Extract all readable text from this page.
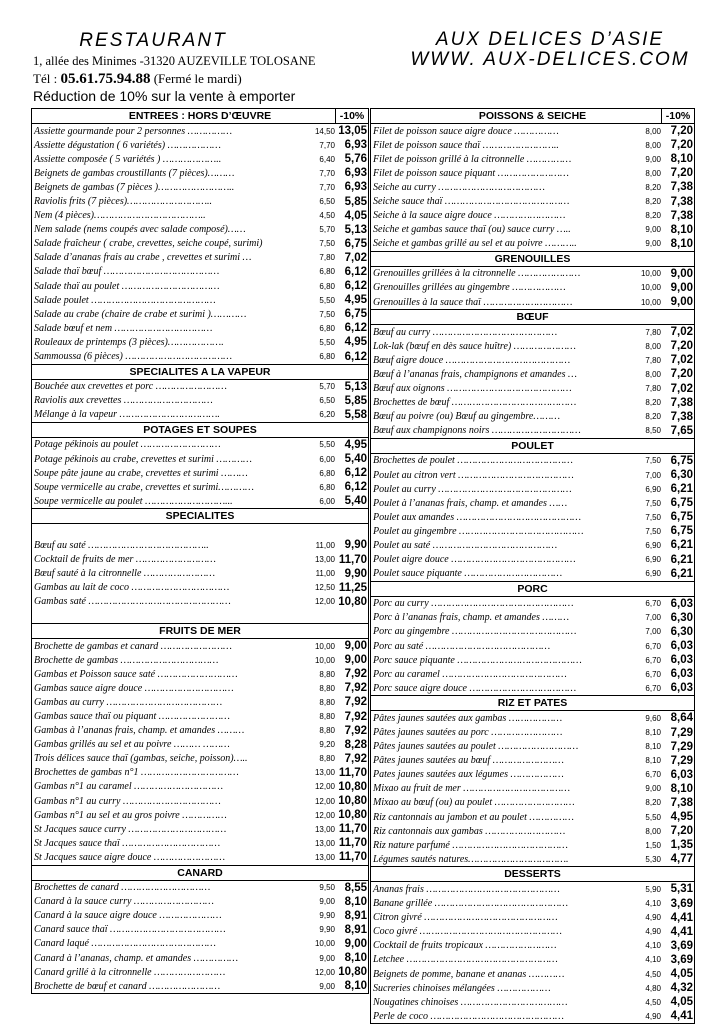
RESTAURANT
1, allée des Minimes -31320 AUZEVILLE TOLOSANE
Tél : 05.61.75.94.88 (Fermé le mardi)
Réduction de 10% sur la vente à emporter
AUX DELICES D’ASIE
WWW. AUX-DELICES.COM
ENTREES : HORS D’ŒUVRE	-10%
Assiette gourmande pour 2 personnes ……………	14,50 13,05
Assiette dégustation ( 6 variétés) ………………	7,70 6,93
Assiette composée ( 5 variétés ) ………………..	6,40 5,76
Beignets de gambas croustillants (7 pièces)………	7,70 6,93
Beignets de gambas (7 pièces )……………………..	7,70 6,93
Raviolis frits (7 pièces)………………………..	6,50 5,85
Nem (4 pièces)………………………………..	4,50 4,05
Nem salade (nems coupés avec salade composé)……	5,70 5,13
Salade fraîcheur ( crabe, crevettes, seiche coupé, surimi)	7,50 6,75
Salade d’ananas frais au crabe , crevettes et surimi …	7,80 7,02
Salade thaï bœuf …………………………………	6,80 6,12
Salade thaï au poulet ……………………………	6,80 6,12
Salade poulet ……………………………………	5,50 4,95
Salade au crabe (chaire de crabe et surimi )…………	7,50 6,75
Salade bœuf et nem ……………………………	6,80 6,12
Rouleaux de printemps (3 pièces)……………….	5,50 4,95
Sammoussa (6 pièces) ………………………………	6,80 6,12
SPECIALITES A LA VAPEUR
Bouchée aux crevettes et porc ……………………	5,70 5,13
Raviolis aux crevettes …………………………	6,50 5,85
Mélange à la vapeur …………………………….	6,20 5,58
POTAGES ET SOUPES
Potage pékinois au poulet ………………………	5,50 4,95
Potage pékinois au crabe, crevettes et surimi …………	6,00 5,40
Soupe pâte jaune au crabe, crevettes et surimi ………	6,80 6,12
Soupe vermicelle au crabe, crevettes et surimi…………	6,80 6,12
Soupe vermicelle au poulet ………………………...	6,00 5,40
SPECIALITES
Bœuf au saté …………………………………..	11,00 9,90
Cocktail de fruits de mer ………………………	13,00 11,70
Bœuf sauté à la citronnelle ……………………	11,00 9,90
Gambas au lait de coco ……………………………	12,50 11,25
Gambas saté …………………………………………	12,00 10,80
FRUITS DE MER
Brochette de gambas et canard ……………………	10,00 9,00
Brochette de gambas ……………………………	10,00 9,00
Gambas et Poisson sauce saté ………………………	8,80 7,92
Gambas sauce aigre douce …………………………	8,80 7,92
Gambas au curry …………………………………	8,80 7,92
Gambas sauce thaï ou piquant ……………………	8,80 7,92
Gambas à l’ananas frais, champ. et amandes ………	8,80 7,92
Gambas grillés au sel et au poivre ……… ………	9,20 8,28
Trois délices sauce thaï (gambas, seiche, poisson)…..	8,80 7,92
Brochettes de gambas n°1 ……………………………	13,00 11,70
Gambas n°1 au caramel …………………………	12,00 10,80
Gambas n°1 au curry ……………………………	12,00 10,80
Gambas n°1 au sel et au gros poivre ……………	12,00 10,80
St Jacques sauce curry ……………………………	13,00 11,70
St Jacques sauce thaï ……………………………	13,00 11,70
St Jacques sauce aigre douce ……………………	13,00 11,70
CANARD
Brochettes de canard …………………………	9,50 8,55
Canard à la sauce curry ………………………	9,00 8,10
Canard à la sauce aigre douce …………………	9,90 8,91
Canard sauce thaï …………………………………	9,90 8,91
Canard laqué ……………………………………	10,00 9,00
Canard à l’ananas, champ. et amandes ……………	9,00 8,10
Canard grillé à la citronnelle ……………………	12,00 10,80
Brochette de bœuf et canard ……………………	9,00 8,10
POISSONS & SEICHE	-10%
Filet de poisson sauce aigre douce ……………	8,00 7,20
Filet de poisson sauce thaï ……………………..	8,00 7,20
Filet de poisson grillé à la citronnelle ……………	9,00 8,10
Filet de poisson sauce piquant ……………………	8,00 7,20
Seiche au curry ………………………………	8,20 7,38
Seiche sauce thaï ……………………………………	8,20 7,38
Seiche à la sauce aigre douce ……………………	8,20 7,38
Seiche et gambas sauce thaï (ou) sauce curry …..	9,00 8,10
Seiche et gambas grillé au sel et au poivre ………..	9,00 8,10
GRENOUILLES
Grenouilles grillées à la citronnelle …………………	10,00 9,00
Grenouilles grillées au gingembre ………………	10,00 9,00
Grenouilles à la sauce thaï …………………………	10,00 9,00
BŒUF
Bœuf au curry ……………………………………	7,80 7,02
Lok-lak (bœuf en dès sauce huître) …………………	8,00 7,20
Bœuf aigre douce ……………………………………	7,80 7,02
Bœuf à l’ananas frais, champignons et amandes …	8,00 7,20
Bœuf aux oignons ……………………………………	7,80 7,02
Brochettes de bœuf ……………………………………	8,20 7,38
Bœuf au poivre (ou) Bœuf au gingembre………	8,20 7,38
Bœuf aux champignons noirs …………………………	8,50 7,65
POULET
Brochettes de poulet …………………………………	7,50 6,75
Poulet au citron vert …………………………………	7,00 6,30
Poulet au curry ………………………………………	6,90 6,21
Poulet à l’ananas frais, champ. et amandes ……	7,50 6,75
Poulet aux amandes ……………………………………	7,50 6,75
Poulet au gingembre ……………………………………	7,50 6,75
Poulet au saté ……………………………………	6,90 6,21
Poulet aigre douce ……………………………………	6,90 6,21
Poulet sauce piquante ……………………………	6,90 6,21
PORC
Porc au curry …………………………………………	6,70 6,03
Porc à l’ananas frais, champ. et amandes ………	7,00 6,30
Porc au gingembre ……………………………………	7,00 6,30
Porc au saté ……………………………………	6,70 6,03
Porc sauce piquante ……………………………………	6,70 6,03
Porc au caramel ……………………………………	6,70 6,03
Porc sauce aigre douce ………………………………	6,70 6,03
RIZ ET PATES
Pâtes jaunes sautées aux gambas ………………	9,60 8,64
Pâtes jaunes sautées au porc ……………………	8,10 7,29
Pâtes jaunes sautées au poulet ………………………	8,10 7,29
Pâtes jaunes sautées au bœuf ……………………	8,10 7,29
Pates jaunes sautées aux légumes ………………	6,70 6,03
Mixao au fruit de mer ………………………………	9,00 8,10
Mixao au bœuf (ou) au poulet ………………………	8,20 7,38
Riz cantonnais au jambon et au poulet ……………	5,50 4,95
Riz cantonnais aux gambas ………………………	8,00 7,20
Riz nature parfumé …………………………………	1,50 1,35
Légumes sautés natures…………………………….	5,30 4,77
DESSERTS
Ananas frais ………………………………………	5,90 5,31
Banane grillée ………………………………………	4,10 3,69
Citron givré ………………………………………	4,90 4,41
Coco givré …………………………………………	4,90 4,41
Cocktail de fruits tropicaux ……………………	4,10 3,69
Letchee ……………………………………………	4,10 3,69
Beignets de pomme, banane et ananas …………	4,50 4,05
Sucreries chinoises mélangées ………………	4,80 4,32
Nougatines chinoises ………………………………	4,50 4,05
Perle de coco ………………………………………	4,90 4,41
